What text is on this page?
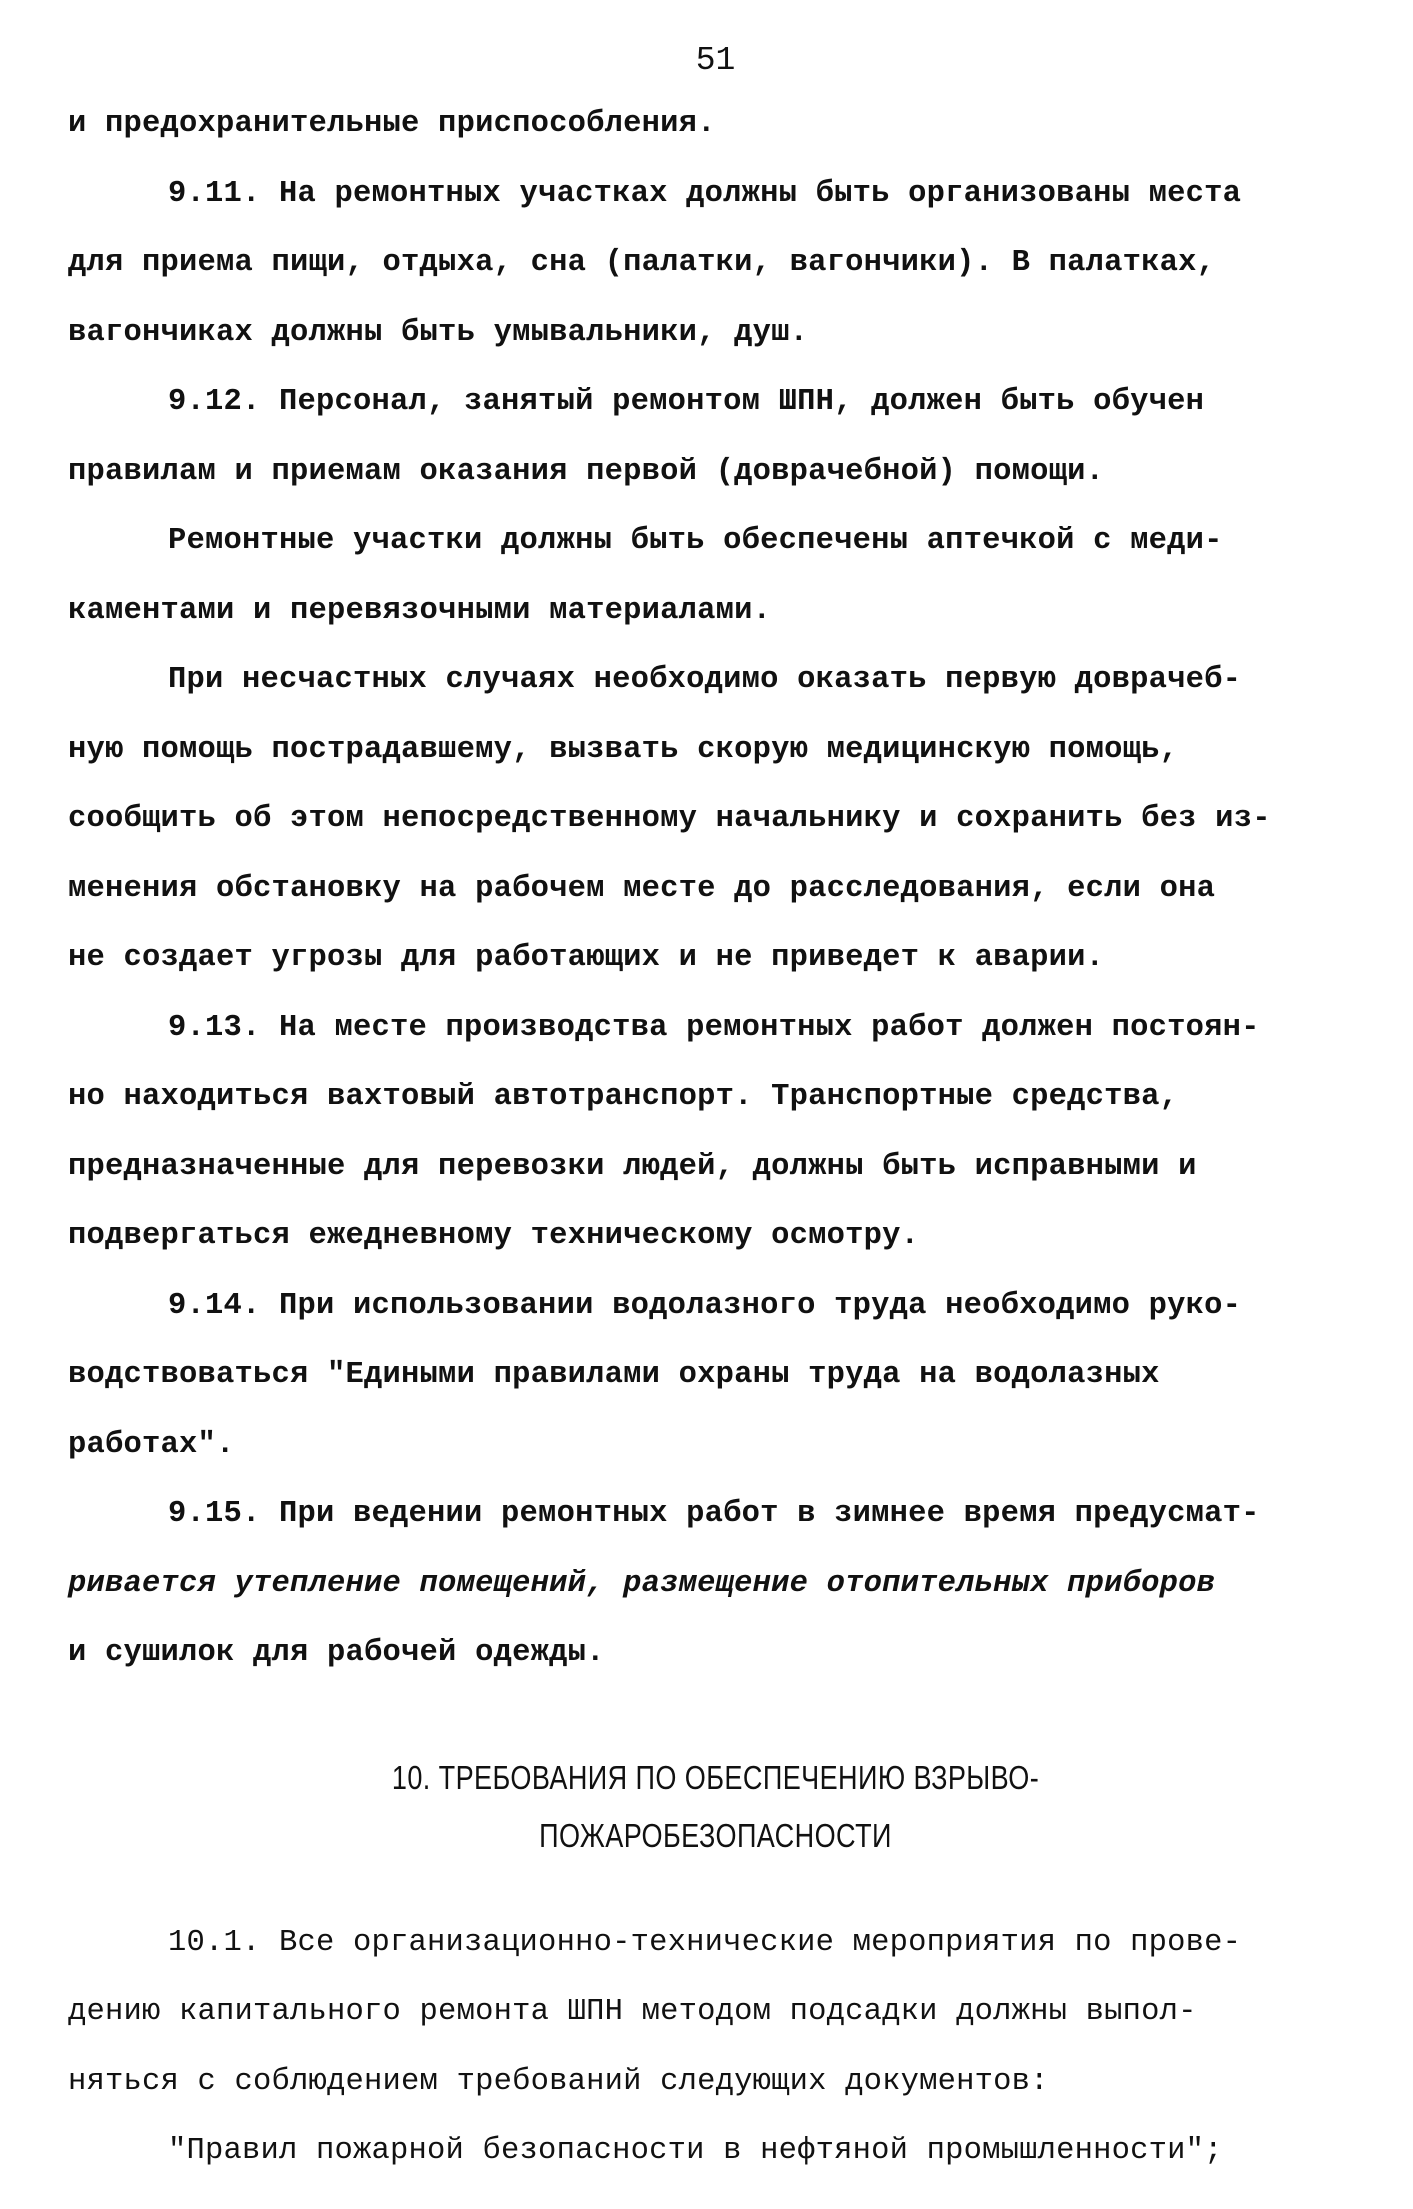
51
и предохранительные приспособления.
9.11. На ремонтных участках должны быть организованы места
для приема пищи, отдыха, сна (палатки, вагончики). В палатках,
вагончиках должны быть умывальники, душ.
9.12. Персонал, занятый ремонтом ШПН, должен быть обучен
правилам и приемам оказания первой (доврачебной) помощи.
Ремонтные участки должны быть обеспечены аптечкой с меди-
каментами и перевязочными материалами.
При несчастных случаях необходимо оказать первую доврачеб-
ную помощь пострадавшему, вызвать скорую медицинскую помощь,
сообщить об этом непосредственному начальнику и сохранить без из-
менения обстановку на рабочем месте до расследования, если она
не создает угрозы для работающих и не приведет к аварии.
9.13. На месте производства ремонтных работ должен постоян-
но находиться вахтовый автотранспорт. Транспортные средства,
предназначенные для перевозки людей, должны быть исправными и
подвергаться ежедневному техническому осмотру.
9.14. При использовании водолазного труда необходимо руко-
водствоваться "Едиными правилами охраны труда на водолазных
работах".
9.15. При ведении ремонтных работ в зимнее время предусмат-
ривается утепление помещений, размещение отопительных приборов
и сушилок для рабочей одежды.
10. ТРЕБОВАНИЯ ПО ОБЕСПЕЧЕНИЮ ВЗРЫВО-
ПОЖАРОБЕЗОПАСНОСТИ
10.1. Все организационно-технические мероприятия по прове-
дению капитального ремонта ШПН методом подсадки должны выпол-
няться с соблюдением требований следующих документов:
"Правил пожарной безопасности в нефтяной промышленности";
